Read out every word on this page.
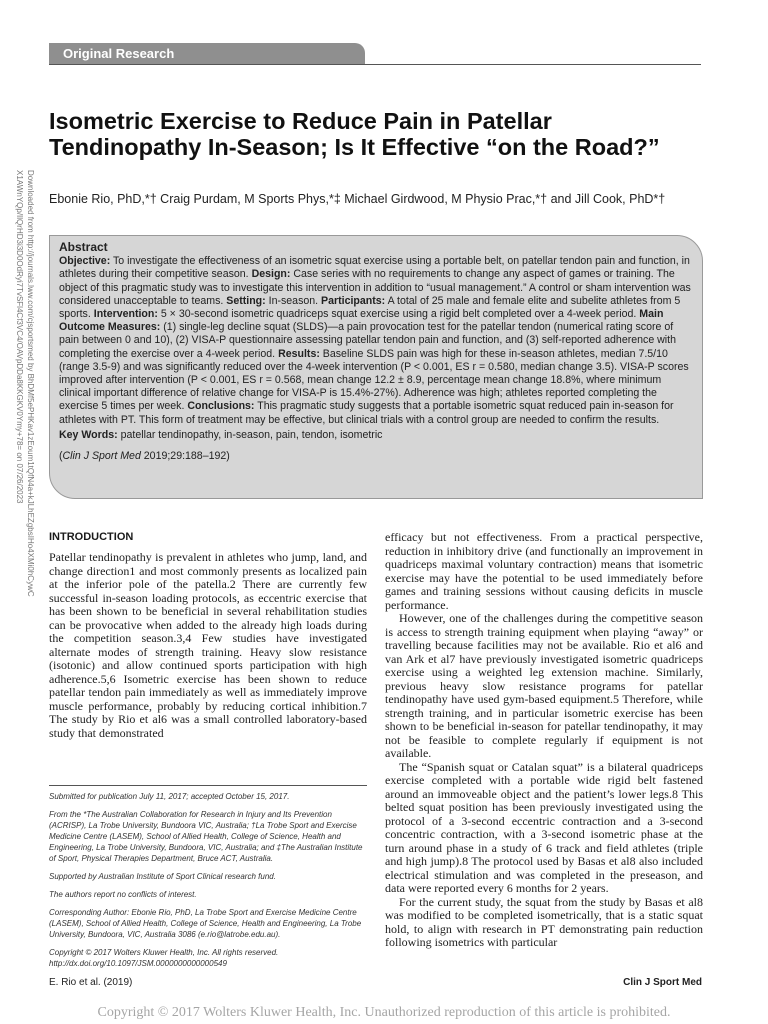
Original Research
Downloaded from http://journals.lww.com/cjsportsmed by BhDMf5ePHKav1zEoum1tQfN4a+kJLhEZgbsIHo4XMi0hCywCX1AWnYQp/IlQrHD3i3D0OdRyi7TvSFl4Cf3VC4/OAVpDDa8KKGKV0Ymy+78= on 07/26/2023
Isometric Exercise to Reduce Pain in Patellar Tendinopathy In-Season; Is It Effective “on the Road?”
Ebonie Rio, PhD,*† Craig Purdam, M Sports Phys,*‡ Michael Girdwood, M Physio Prac,*† and Jill Cook, PhD*†
Abstract
Objective: To investigate the effectiveness of an isometric squat exercise using a portable belt, on patellar tendon pain and function, in athletes during their competitive season. Design: Case series with no requirements to change any aspect of games or training. The object of this pragmatic study was to investigate this intervention in addition to “usual management.” A control or sham intervention was considered unacceptable to teams. Setting: In-season. Participants: A total of 25 male and female elite and subelite athletes from 5 sports. Intervention: 5 × 30-second isometric quadriceps squat exercise using a rigid belt completed over a 4-week period. Main Outcome Measures: (1) single-leg decline squat (SLDS)—a pain provocation test for the patellar tendon (numerical rating score of pain between 0 and 10), (2) VISA-P questionnaire assessing patellar tendon pain and function, and (3) self-reported adherence with completing the exercise over a 4-week period. Results: Baseline SLDS pain was high for these in-season athletes, median 7.5/10 (range 3.5-9) and was significantly reduced over the 4-week intervention (P < 0.001, ES r = 0.580, median change 3.5). VISA-P scores improved after intervention (P < 0.001, ES r = 0.568, mean change 12.2 ± 8.9, percentage mean change 18.8%, where minimum clinical important difference of relative change for VISA-P is 15.4%-27%). Adherence was high; athletes reported completing the exercise 5 times per week. Conclusions: This pragmatic study suggests that a portable isometric squat reduced pain in-season for athletes with PT. This form of treatment may be effective, but clinical trials with a control group are needed to confirm the results.
Key Words: patellar tendinopathy, in-season, pain, tendon, isometric
(Clin J Sport Med 2019;29:188–192)
INTRODUCTION

Patellar tendinopathy is prevalent in athletes who jump, land, and change direction1 and most commonly presents as localized pain at the inferior pole of the patella.2 There are currently few successful in-season loading protocols, as eccentric exercise that has been shown to be beneficial in several rehabilitation studies can be provocative when added to the already high loads during the competition season.3,4 Few studies have investigated alternate modes of strength training. Heavy slow resistance (isotonic) and allow continued sports participation with high adherence.5,6 Isometric exercise has been shown to reduce patellar tendon pain immediately as well as immediately improve muscle performance, probably by reducing cortical inhibition.7 The study by Rio et al6 was a small controlled laboratory-based study that demonstrated

efficacy but not effectiveness. From a practical perspective, reduction in inhibitory drive (and functionally an improvement in quadriceps maximal voluntary contraction) means that isometric exercise may have the potential to be used immediately before games and training sessions without causing deficits in muscle performance.

However, one of the challenges during the competitive season is access to strength training equipment when playing “away” or travelling because facilities may not be available. Rio et al6 and van Ark et al7 have previously investigated isometric quadriceps exercise using a weighted leg extension machine. Similarly, previous heavy slow resistance programs for patellar tendinopathy have used gym-based equipment.5 Therefore, while strength training, and in particular isometric exercise has been shown to be beneficial in-season for patellar tendinopathy, it may not be feasible to complete regularly if equipment is not available.

The “Spanish squat or Catalan squat” is a bilateral quadriceps exercise completed with a portable wide rigid belt fastened around an immoveable object and the patient’s lower legs.8 This belted squat position has been previously investigated using the protocol of a 3-second eccentric contraction and a 3-second concentric contraction, with a 3-second isometric phase at the turn around phase in a study of 6 track and field athletes (triple and high jump).8 The protocol used by Basas et al8 also included electrical stimulation and was completed in the preseason, and data were reported every 6 months for 2 years.

For the current study, the squat from the study by Basas et al8 was modified to be completed isometrically, that is a static squat hold, to align with research in PT demonstrating pain reduction following isometrics with particular

Submitted for publication July 11, 2017; accepted October 15, 2017.

From the *The Australian Collaboration for Research in Injury and Its Prevention (ACRISP), La Trobe University, Bundoora VIC, Australia; †La Trobe Sport and Exercise Medicine Centre (LASEM), School of Allied Health, College of Science, Health and Engineering, La Trobe University, Bundoora, VIC, Australia; and ‡The Australian Institute of Sport, Physical Therapies Department, Bruce ACT, Australia.

Supported by Australian Institute of Sport Clinical research fund.

The authors report no conflicts of interest.

Corresponding Author: Ebonie Rio, PhD, La Trobe Sport and Exercise Medicine Centre (LASEM), School of Allied Health, College of Science, Health and Engineering, La Trobe University, Bundoora, VIC, Australia 3086 (e.rio@latrobe.edu.au).

Copyright © 2017 Wolters Kluwer Health, Inc. All rights reserved.

http://dx.doi.org/10.1097/JSM.0000000000000549

E. Rio et al. (2019)	Clin J Sport Med
Copyright © 2017 Wolters Kluwer Health, Inc. Unauthorized reproduction of this article is prohibited.
